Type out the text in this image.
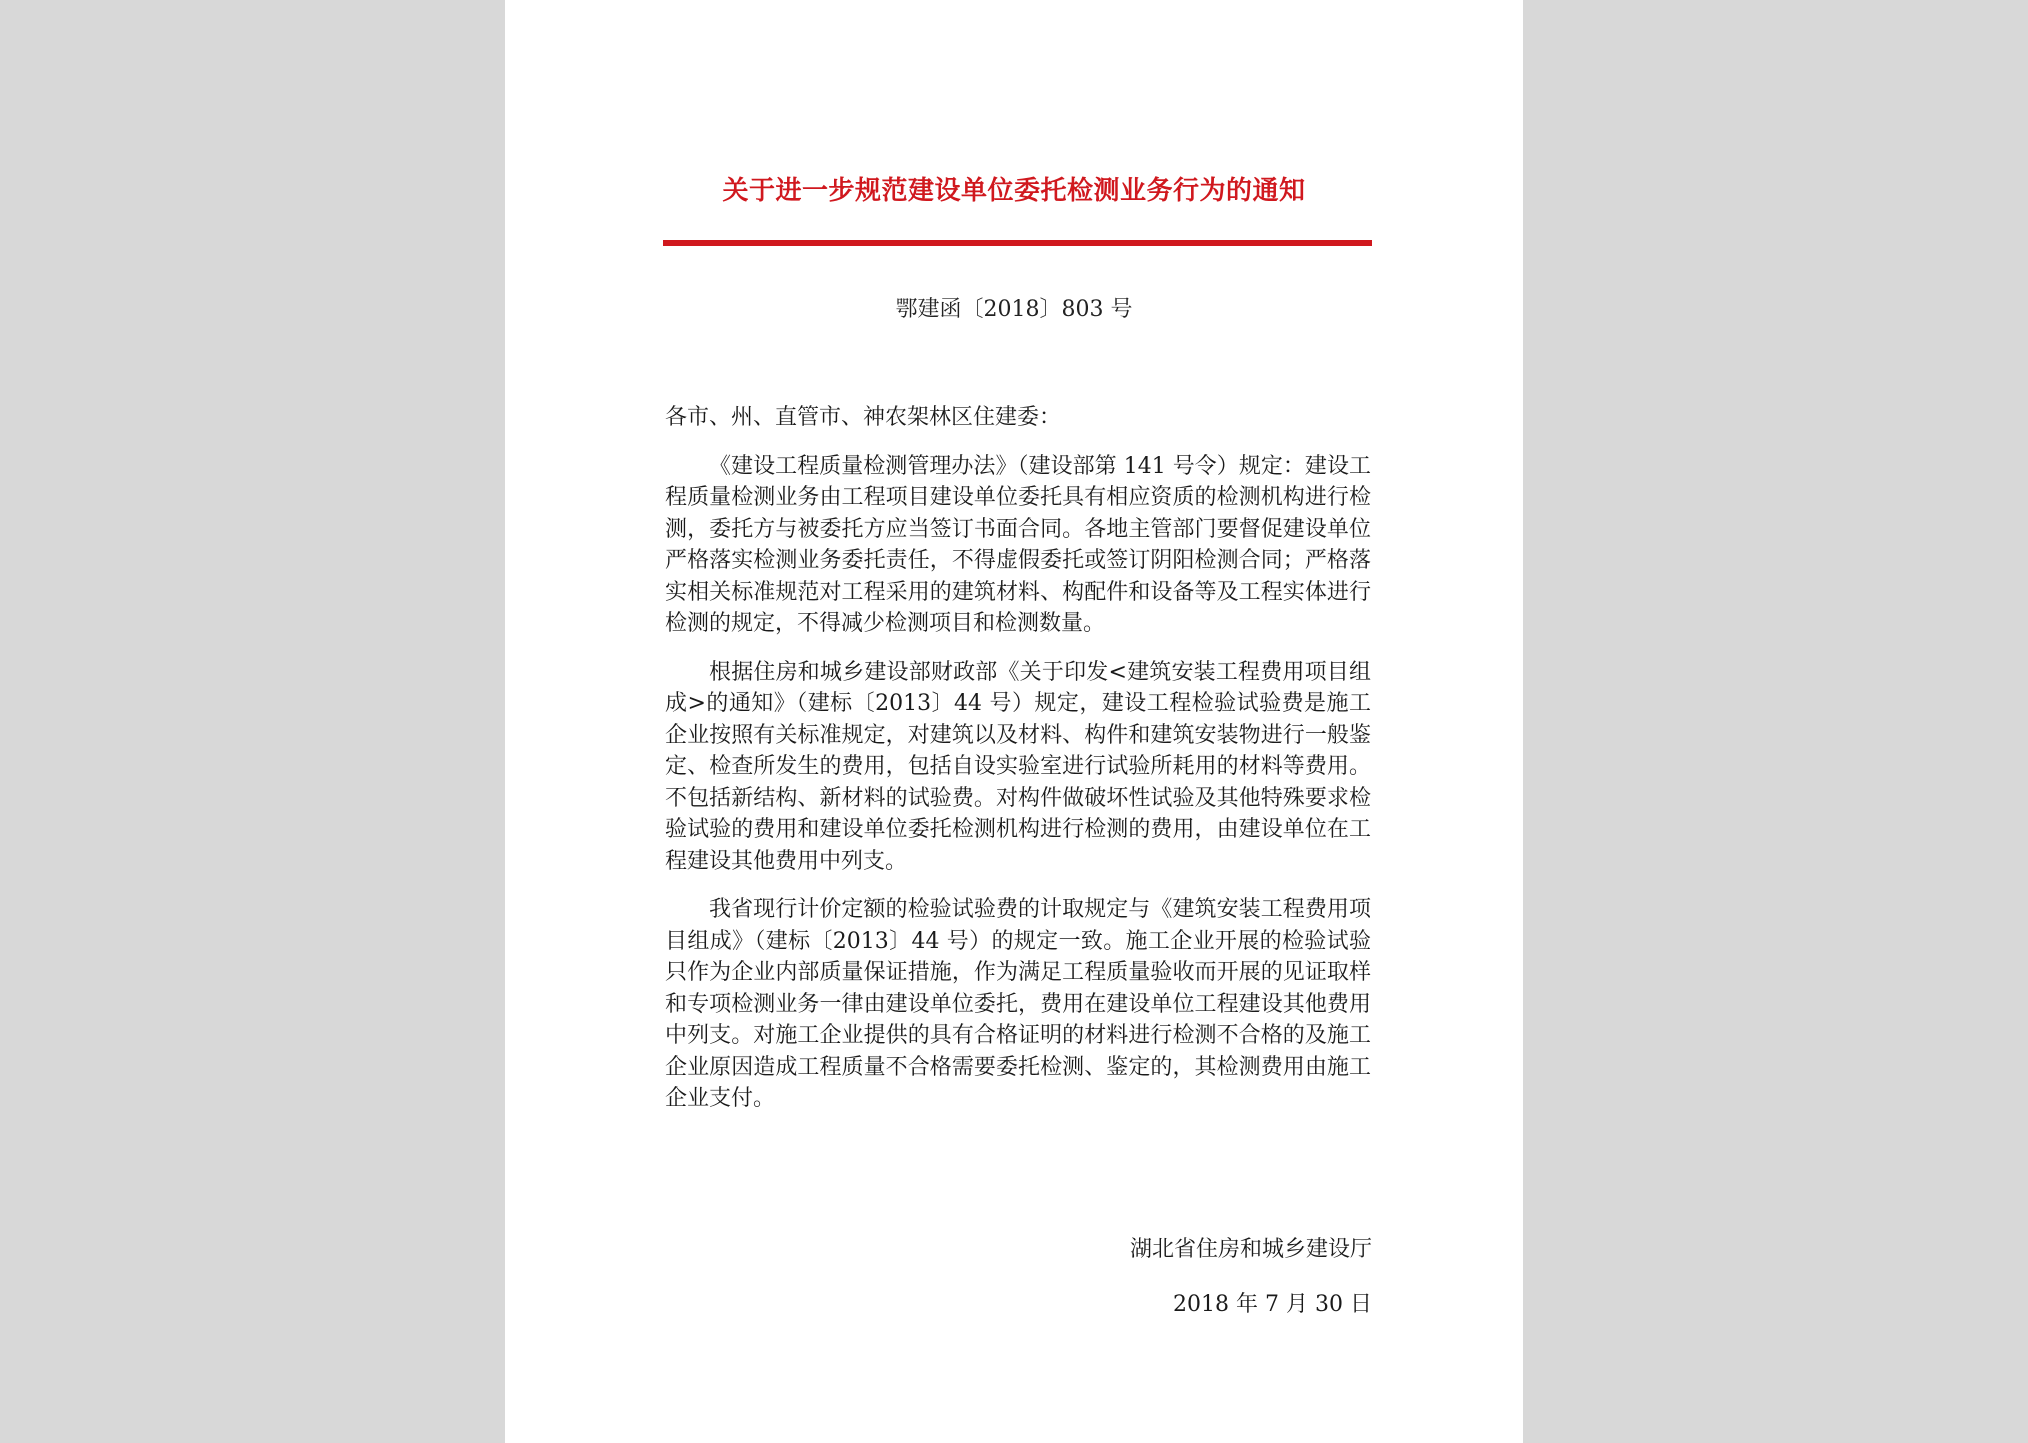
关于进一步规范建设单位委托检测业务行为的通知
鄂建函〔2018〕803 号

各市、州、直管市、神农架林区住建委：

《建设工程质量检测管理办法》（建设部第 141 号令）规定：建设工程质量检测业务由工程项目建设单位委托具有相应资质的检测机构进行检测，委托方与被委托方应当签订书面合同。各地主管部门要督促建设单位严格落实检测业务委托责任，不得虚假委托或签订阴阳检测合同；严格落实相关标准规范对工程采用的建筑材料、构配件和设备等及工程实体进行检测的规定，不得减少检测项目和检测数量。

根据住房和城乡建设部财政部《关于印发<建筑安装工程费用项目组成>的通知》（建标〔2013〕44 号）规定，建设工程检验试验费是施工企业按照有关标准规定，对建筑以及材料、构件和建筑安装物进行一般鉴定、检查所发生的费用，包括自设实验室进行试验所耗用的材料等费用。不包括新结构、新材料的试验费。对构件做破坏性试验及其他特殊要求检验试验的费用和建设单位委托检测机构进行检测的费用，由建设单位在工程建设其他费用中列支。

我省现行计价定额的检验试验费的计取规定与《建筑安装工程费用项目组成》（建标〔2013〕44 号）的规定一致。施工企业开展的检验试验只作为企业内部质量保证措施，作为满足工程质量验收而开展的见证取样和专项检测业务一律由建设单位委托，费用在建设单位工程建设其他费用中列支。对施工企业提供的具有合格证明的材料进行检测不合格的及施工企业原因造成工程质量不合格需要委托检测、鉴定的，其检测费用由施工企业支付。

湖北省住房和城乡建设厅
2018 年 7 月 30 日
